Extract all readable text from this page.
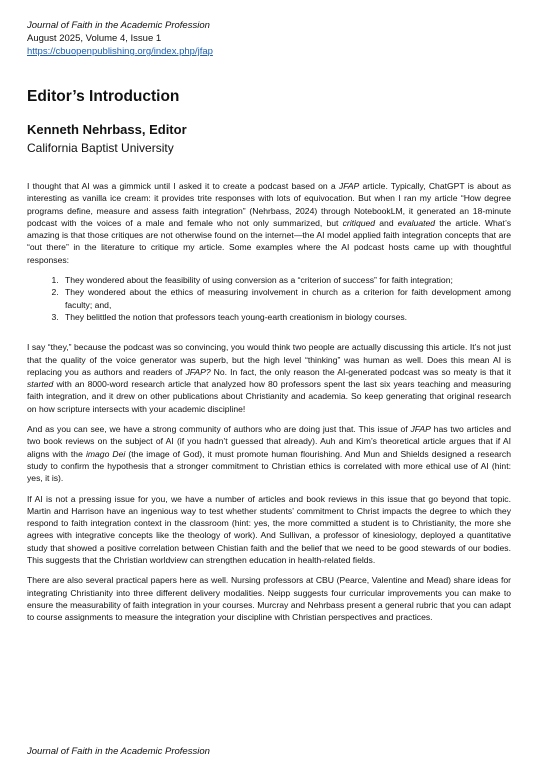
Journal of Faith in the Academic Profession
August 2025, Volume 4, Issue 1
https://cbuopenpublishing.org/index.php/jfap
Editor’s Introduction
Kenneth Nehrbass, Editor
California Baptist University

I thought that AI was a gimmick until I asked it to create a podcast based on a JFAP article. Typically, ChatGPT is about as interesting as vanilla ice cream: it provides trite responses with lots of equivocation. But when I ran my article “How degree programs define, measure and assess faith integration” (Nehrbass, 2024) through NotebookLM, it generated an 18-minute podcast with the voices of a male and female who not only summarized, but critiqued and evaluated the article. What’s amazing is that those critiques are not otherwise found on the internet—the AI model applied faith integration concepts that are “out there” in the literature to critique my article. Some examples where the AI podcast hosts came up with thoughtful responses:

1. They wondered about the feasibility of using conversion as a “criterion of success” for faith integration;
2. They wondered about the ethics of measuring involvement in church as a criterion for faith development among faculty; and,
3. They belittled the notion that professors teach young-earth creationism in biology courses.

I say “they,” because the podcast was so convincing, you would think two people are actually discussing this article. It’s not just that the quality of the voice generator was superb, but the high level “thinking” was human as well. Does this mean AI is replacing you as authors and readers of JFAP? No. In fact, the only reason the AI-generated podcast was so meaty is that it started with an 8000-word research article that analyzed how 80 professors spent the last six years teaching and measuring faith integration, and it drew on other publications about Christianity and academia. So keep generating that original research on how scripture intersects with your academic discipline!

And as you can see, we have a strong community of authors who are doing just that. This issue of JFAP has two articles and two book reviews on the subject of AI (if you hadn’t guessed that already). Auh and Kim’s theoretical article argues that if AI aligns with the imago Dei (the image of God), it must promote human flourishing. And Mun and Shields designed a research study to confirm the hypothesis that a stronger commitment to Christian ethics is correlated with more ethical use of AI (hint: yes, it is).

If AI is not a pressing issue for you, we have a number of articles and book reviews in this issue that go beyond that topic. Martin and Harrison have an ingenious way to test whether students’ commitment to Christ impacts the degree to which they respond to faith integration context in the classroom (hint: yes, the more committed a student is to Christianity, the more she agrees with integrative concepts like the theology of work). And Sullivan, a professor of kinesiology, deployed a quantitative study that showed a positive correlation between Chistian faith and the belief that we need to be good stewards of our bodies. This suggests that the Christian worldview can strengthen education in health-related fields.

There are also several practical papers here as well. Nursing professors at CBU (Pearce, Valentine and Mead) share ideas for integrating Christianity into three different delivery modalities. Neipp suggests four curricular improvements you can make to ensure the measurability of faith integration in your courses. Murcray and Nehrbass present a general rubric that you can adapt to course assignments to measure the integration your discipline with Christian perspectives and practices.

Journal of Faith in the Academic Profession
